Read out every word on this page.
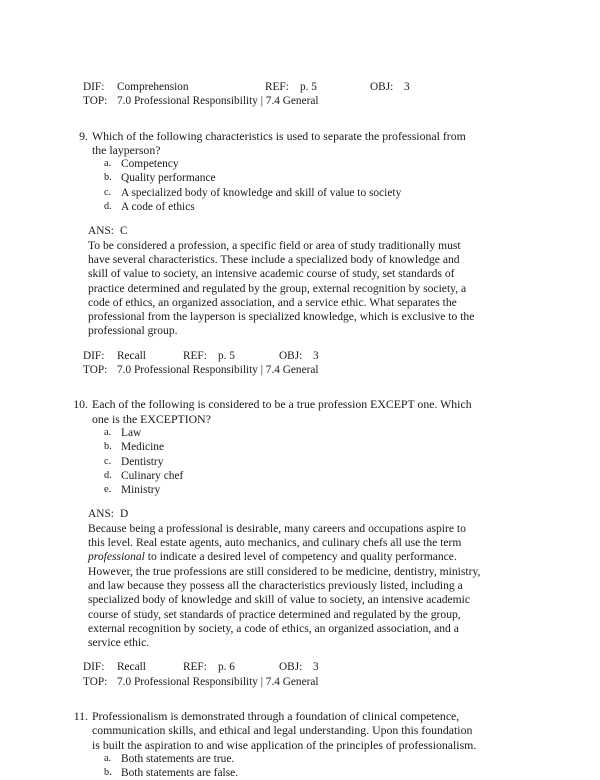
DIF: Comprehension	REF: p. 5	OBJ: 3
TOP: 7.0 Professional Responsibility | 7.4 General
9. Which of the following characteristics is used to separate the professional from the layperson?
a. Competency
b. Quality performance
c. A specialized body of knowledge and skill of value to society
d. A code of ethics
ANS: C
To be considered a profession, a specific field or area of study traditionally must have several characteristics. These include a specialized body of knowledge and skill of value to society, an intensive academic course of study, set standards of practice determined and regulated by the group, external recognition by society, a code of ethics, an organized association, and a service ethic. What separates the professional from the layperson is specialized knowledge, which is exclusive to the professional group.
DIF: Recall	REF: p. 5	OBJ: 3
TOP: 7.0 Professional Responsibility | 7.4 General
10. Each of the following is considered to be a true profession EXCEPT one. Which one is the EXCEPTION?
a. Law
b. Medicine
c. Dentistry
d. Culinary chef
e. Ministry
ANS: D
Because being a professional is desirable, many careers and occupations aspire to this level. Real estate agents, auto mechanics, and culinary chefs all use the term professional to indicate a desired level of competency and quality performance. However, the true professions are still considered to be medicine, dentistry, ministry, and law because they possess all the characteristics previously listed, including a specialized body of knowledge and skill of value to society, an intensive academic course of study, set standards of practice determined and regulated by the group, external recognition by society, a code of ethics, an organized association, and a service ethic.
DIF: Recall	REF: p. 6	OBJ: 3
TOP: 7.0 Professional Responsibility | 7.4 General
11. Professionalism is demonstrated through a foundation of clinical competence, communication skills, and ethical and legal understanding. Upon this foundation is built the aspiration to and wise application of the principles of professionalism.
a. Both statements are true.
b. Both statements are false.
